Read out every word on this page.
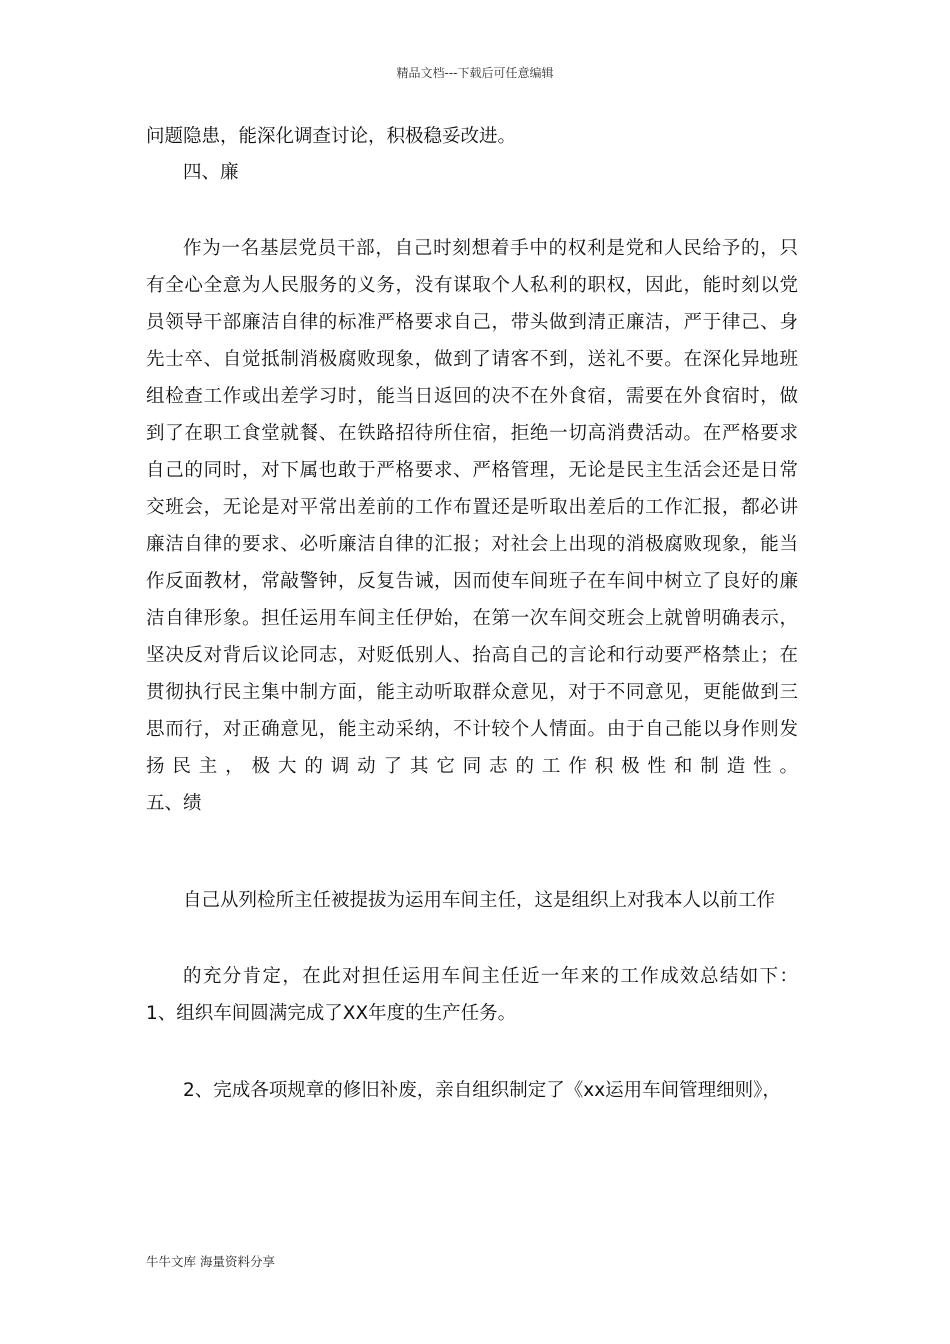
精品文档---下载后可任意编辑
问题隐患，能深化调查讨论，积极稳妥改进。
四、廉
作为一名基层党员干部，自己时刻想着手中的权利是党和人民给予的，只
有全心全意为人民服务的义务，没有谋取个人私利的职权，因此，能时刻以党
员领导干部廉洁自律的标准严格要求自己，带头做到清正廉洁，严于律己、身
先士卒、自觉抵制消极腐败现象，做到了请客不到，送礼不要。在深化异地班
组检查工作或出差学习时，能当日返回的决不在外食宿，需要在外食宿时，做
到了在职工食堂就餐、在铁路招待所住宿，拒绝一切高消费活动。在严格要求
自己的同时，对下属也敢于严格要求、严格管理，无论是民主生活会还是日常
交班会，无论是对平常出差前的工作布置还是听取出差后的工作汇报，都必讲
廉洁自律的要求、必听廉洁自律的汇报；对社会上出现的消极腐败现象，能当
作反面教材，常敲警钟，反复告诫，因而使车间班子在车间中树立了良好的廉
洁自律形象。担任运用车间主任伊始，在第一次车间交班会上就曾明确表示，
坚决反对背后议论同志，对贬低别人、抬高自己的言论和行动要严格禁止；在
贯彻执行民主集中制方面，能主动听取群众意见，对于不同意见，更能做到三
思而行，对正确意见，能主动采纳，不计较个人情面。由于自己能以身作则发
扬民主，极大的调动了其它同志的工作积极性和制造性。
五、绩
自己从列检所主任被提拔为运用车间主任，这是组织上对我本人以前工作
的充分肯定，在此对担任运用车间主任近一年来的工作成效总结如下：
1、组织车间圆满完成了XX年度的生产任务。
2、完成各项规章的修旧补废，亲自组织制定了《xx运用车间管理细则》，
牛牛文库 海量资料分享
